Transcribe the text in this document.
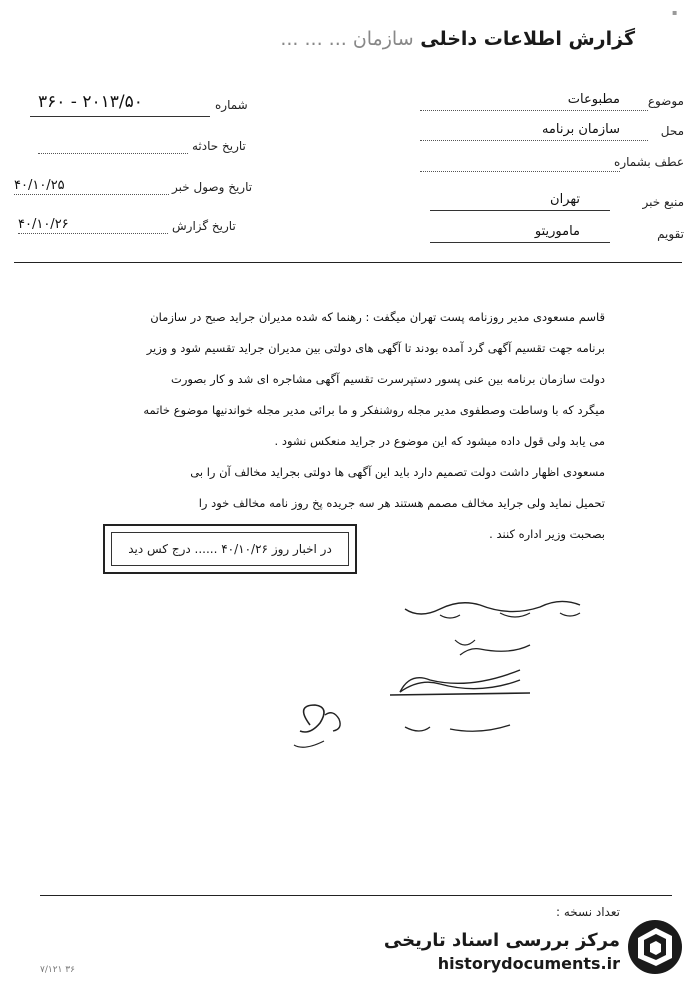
▪
گزارش اطلاعات داخلی سازمان ... ... ...
موضوع
مطبوعات
محل
سازمان برنامه
عطف بشماره
منبع خبر
تهران
تقویم
ماموریتو
شماره
۲۰۱۳/۵۰ - ۳۶۰
تاریخ حادثه
تاریخ وصول خبر
۴۰/۱۰/۲۵
تاریخ گزارش
۴۰/۱۰/۲۶
قاسم مسعودی مدیر روزنامه پست تهران میگفت : رهنما که شده مدیران جراید صبح در سازمان
برنامه جهت تقسیم آگهی گرد آمده بودند تا آگهی های دولتی بین مدیران جراید تقسیم شود و وزیر
دولت سازمان برنامه بین عنی پسور دستپرسرت تقسیم آگهی مشاجره ای شد و کار بصورت
میگرد که با وساطت وصطفوی مدیر مجله روشنفکر و ما برائی مدیر مجله خواندنیها موضوع خاتمه
می یابد ولی قول داده میشود که این موضوع در جراید منعکس نشود .
مسعودی اظهار داشت دولت تصمیم دارد باید این آگهی ها دولتی بجراید مخالف آن را بی
تحمیل نماید ولی جراید مخالف مصمم هستند هر سه جریده پخ روز نامه مخالف خود را
بصحبت وزیر اداره کنند .
در اخبار روز ۴۰/۱۰/۲۶ ...... درج کس دید
تعداد نسخه :
۷/۱۲۱ ۳۶
مرکز بررسی اسناد تاریخی
historydocuments.ir
